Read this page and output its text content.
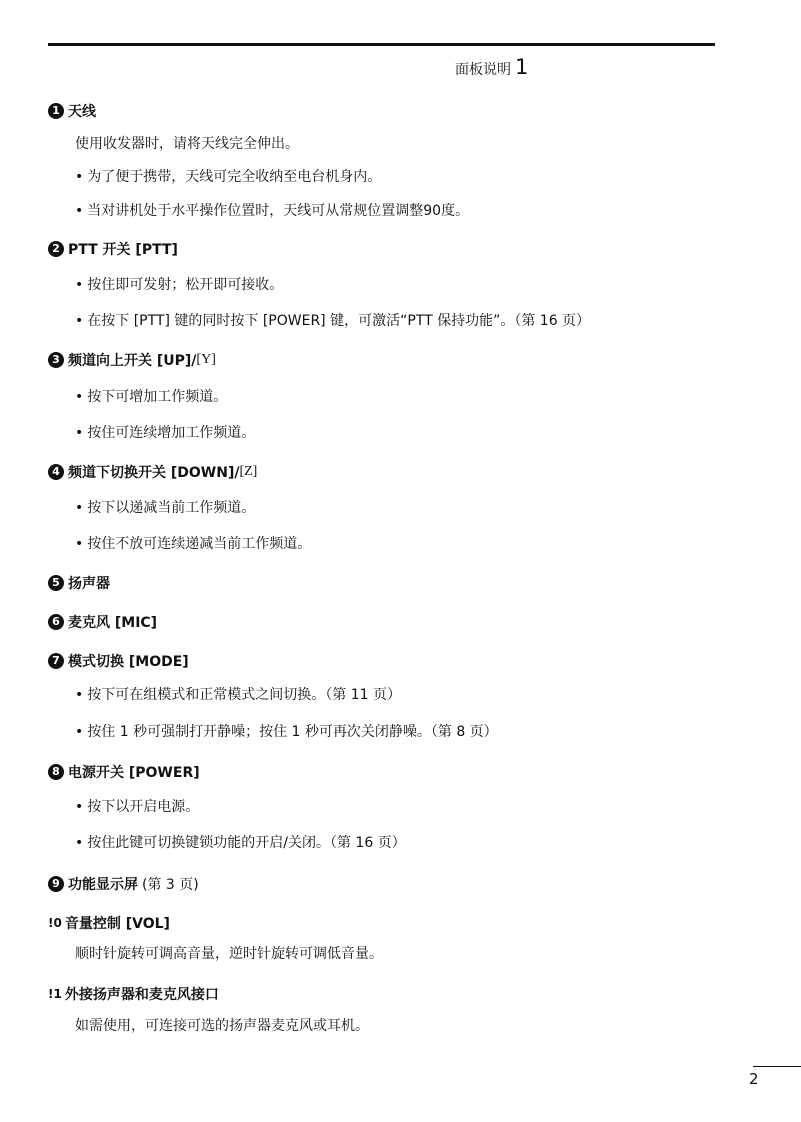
面板说明 1
1 天线
使用收发器时，请将天线完全伸出。
• 为了便于携带，天线可完全收纳至电台机身内。
• 当对讲机处于水平操作位置时，天线可从常规位置调整90度。
2 PTT 开关 [PTT]
• 按住即可发射；松开即可接收。
• 在按下 [PTT] 键的同时按下 [POWER] 键，可激活“PTT 保持功能”。（第 16 页）
3 频道向上开关 [UP]/ [Y]
• 按下可增加工作频道。
• 按住可连续增加工作频道。
4 频道下切换开关 [DOWN]/ [Z]
• 按下以递减当前工作频道。
• 按住不放可连续递减当前工作频道。
5 扬声器
6 麦克风 [MIC]
7 模式切换 [MODE]
• 按下可在组模式和正常模式之间切换。（第 11 页）
• 按住 1 秒可强制打开静噪；按住 1 秒可再次关闭静噪。（第 8 页）
8 电源开关 [POWER]
• 按下以开启电源。
• 按住此键可切换键锁功能的开启/关闭。（第 16 页）
9 功能显示屏 (第 3 页)
!0 音量控制 [VOL]
顺时针旋转可调高音量，逆时针旋转可调低音量。
!1 外接扬声器和麦克风接口
如需使用，可连接可选的扬声器麦克风或耳机。
2
